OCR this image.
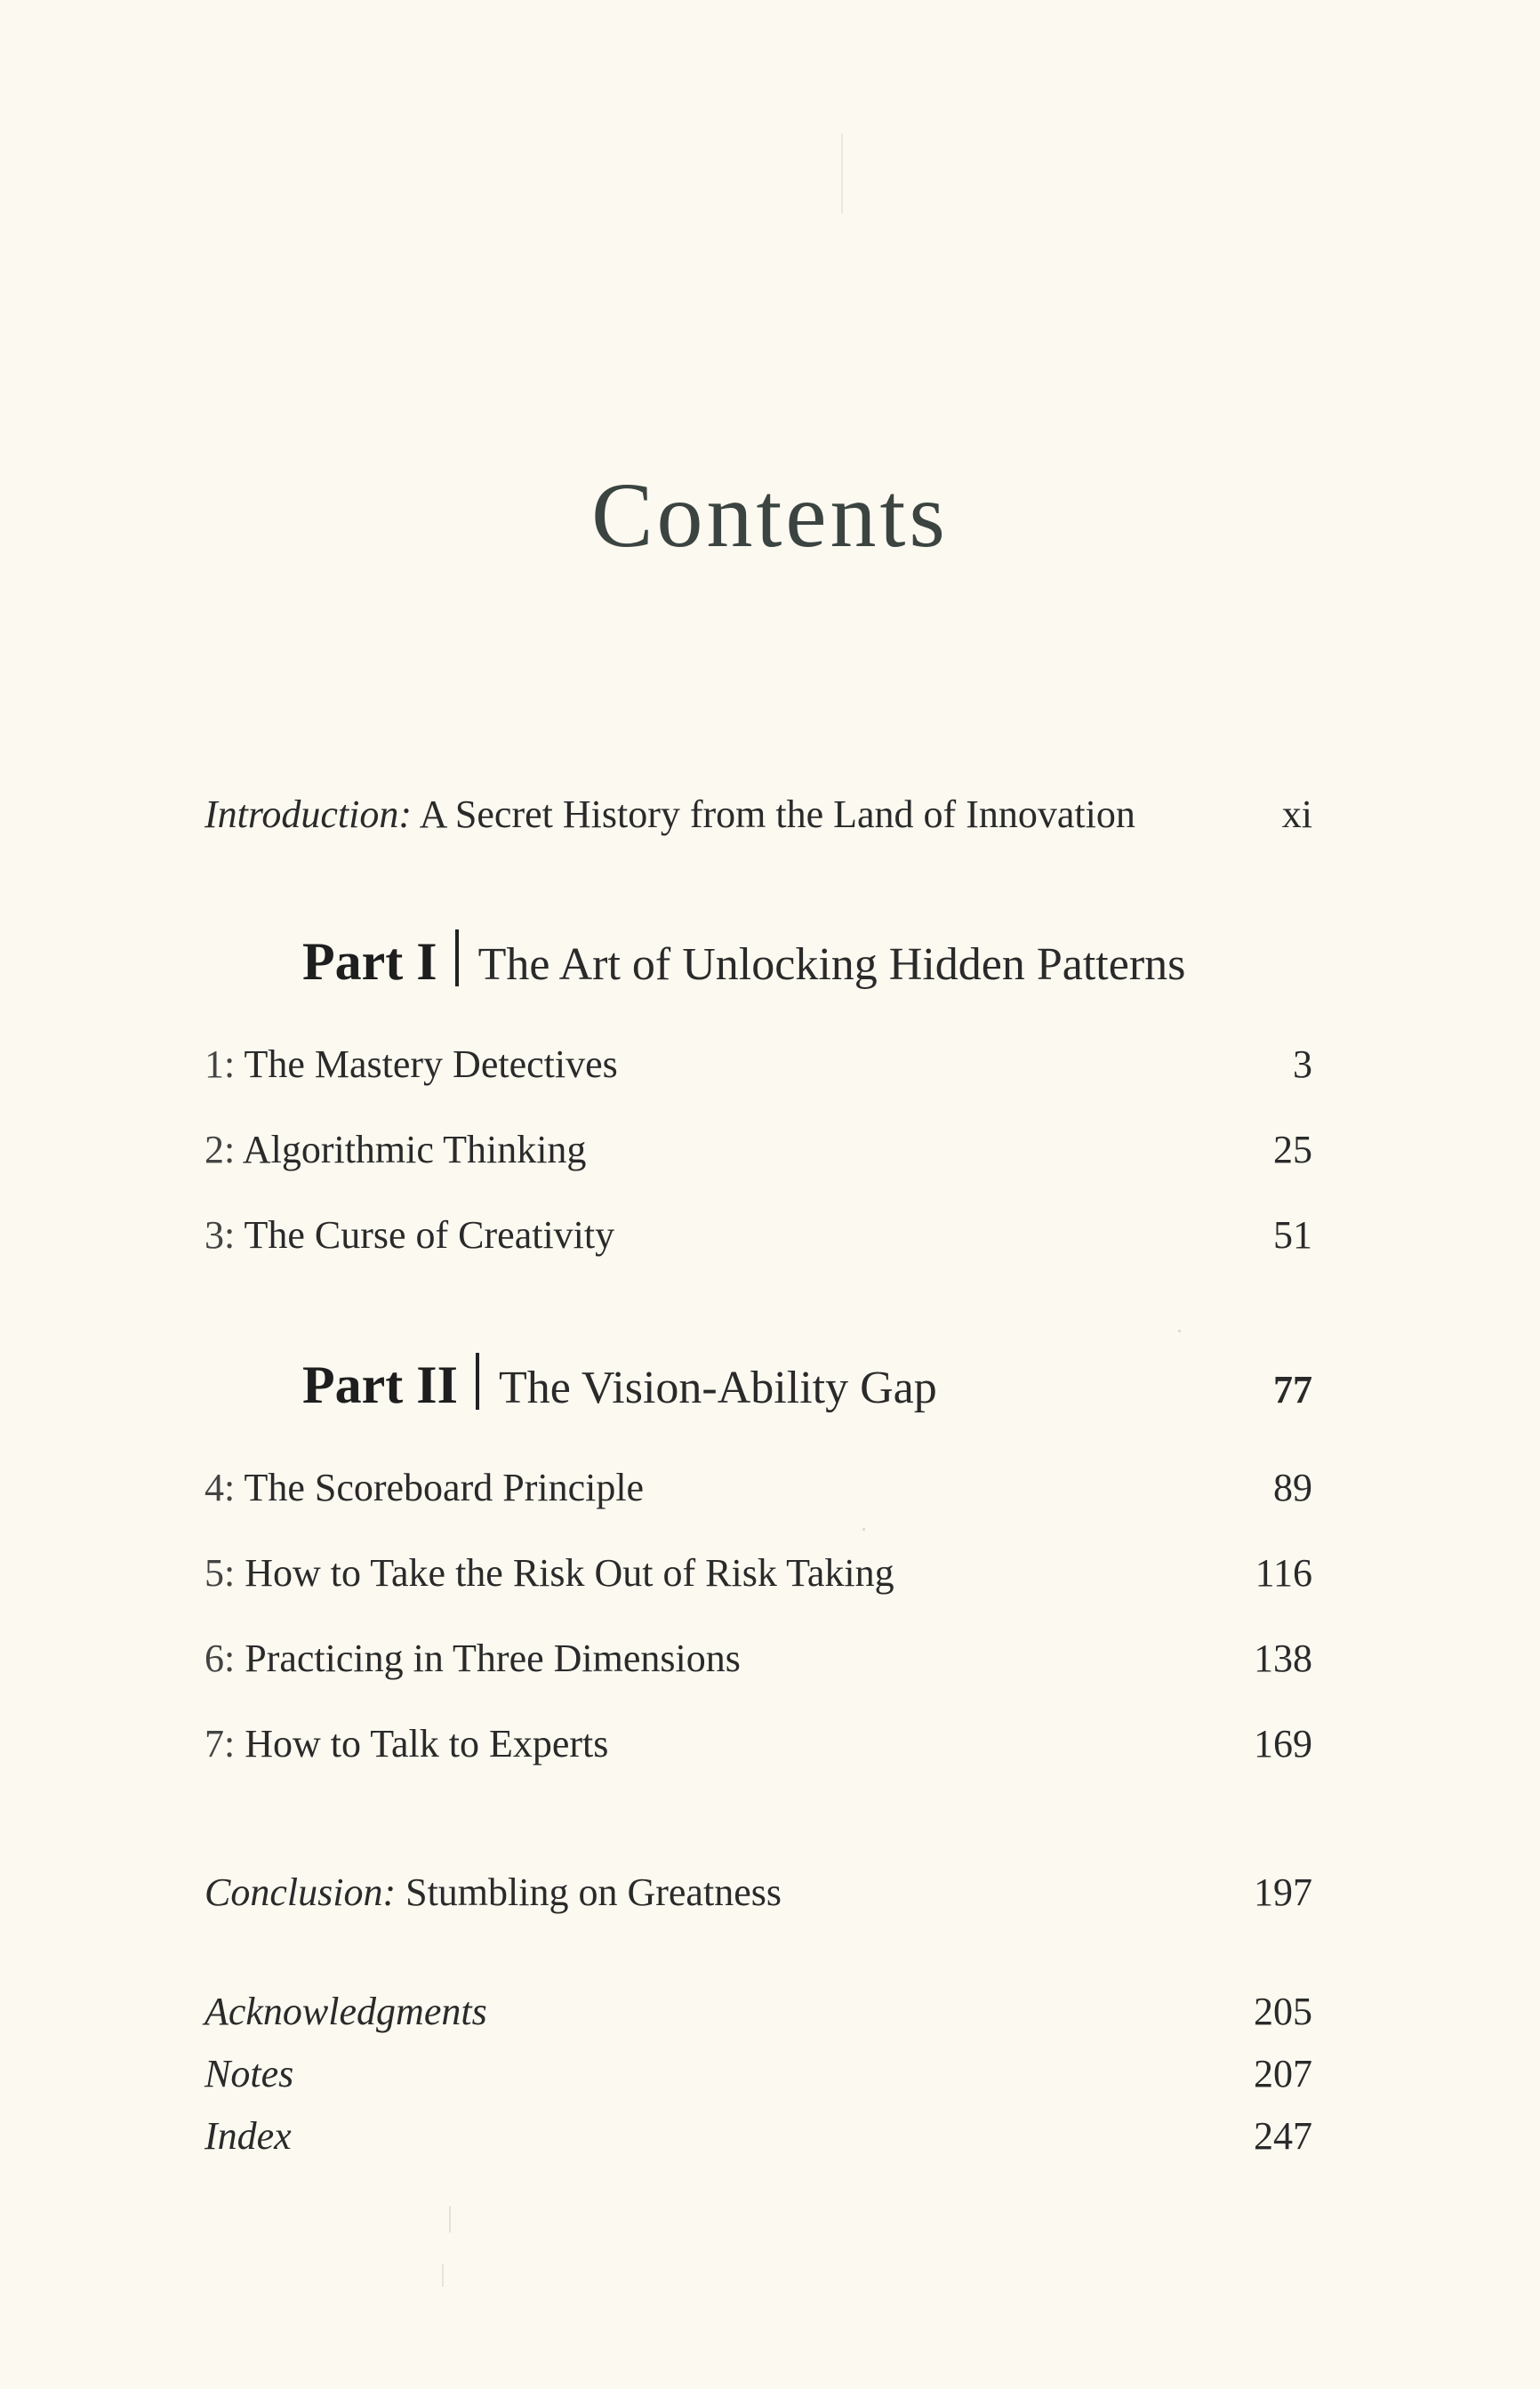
Contents
Introduction: A Secret History from the Land of Innovation	xi
Part I The Art of Unlocking Hidden Patterns
1: The Mastery Detectives	3
2: Algorithmic Thinking	25
3: The Curse of Creativity	51
Part II The Vision-Ability Gap	77
4: The Scoreboard Principle	89
5: How to Take the Risk Out of Risk Taking	116
6: Practicing in Three Dimensions	138
7: How to Talk to Experts	169
Conclusion: Stumbling on Greatness	197
Acknowledgments	205
Notes	207
Index	247
